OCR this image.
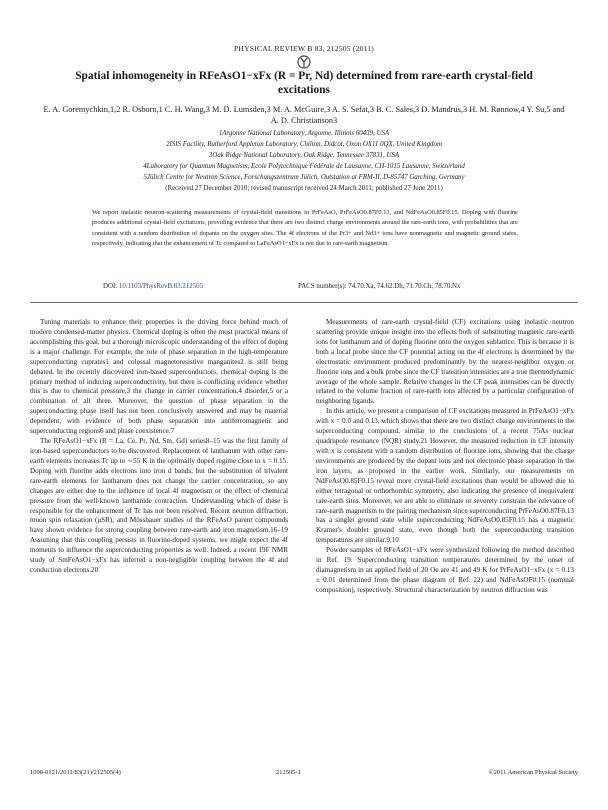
PHYSICAL REVIEW B 83, 212505 (2011)
Spatial inhomogeneity in RFeAsO1−xFx (R = Pr, Nd) determined from rare-earth crystal-field excitations
E. A. Goremychkin,1,2 R. Osborn,1 C. H. Wang,3 M. D. Lumsden,3 M. A. McGuire,3 A. S. Sefat,3 B. C. Sales,3 D. Mandrus,3 H. M. Rønnow,4 Y. Su,5 and A. D. Christianson3
1Argonne National Laboratory, Argonne, Illinois 60439, USA
2ISIS Facility, Rutherford Appleton Laboratory, Chilton, Didcot, Oxon OX11 0QX, United Kingdom
3Oak Ridge National Laboratory, Oak Ridge, Tennessee 37831, USA
4Laboratory for Quantum Magnetism, Ecole Polytechnique Fédérale de Lausanne, CH-1015 Lausanne, Switzerland
5Jülich Centre for Neutron Science, Forschungszentrum Jülich, Outstation at FRM-II, D-85747 Garching, Germany
(Received 27 December 2010; revised manuscript received 24 March 2011; published 27 June 2011)
We report inelastic neutron-scattering measurements of crystal-field transitions in PrFeAsO, PrFeAsO0.87F0.13, and NdFeAsO0.85F0.15. Doping with fluorine produces additional crystal-field excitations, providing evidence that there are two distinct charge environments around the rare-earth ions, with probabilities that are consistent with a random distribution of dopants on the oxygen sites. The 4f electrons of the Pr3+ and Nd3+ ions have nonmagnetic and magnetic ground states, respectively, indicating that the enhancement of Tc compared to LaFeAsO1−xFx is not due to rare-earth magnetism.
DOI: 10.1103/PhysRevB.83.212505	PACS number(s): 74.70.Xa, 74.62.Dh, 71.70.Ch, 78.70.Nx

Tuning materials to enhance their properties is the driving force behind much of modern condensed-matter physics. Chemical doping is often the most practical means of accomplishing this goal, but a thorough microscopic understanding of the effect of doping is a major challenge. For example, the role of phase separation in the high-temperature superconducting cuprates1 and colossal magnetoresistive manganites2 is still being debated. In the recently discovered iron-based superconductors, chemical doping is the primary method of inducing superconductivity, but there is conflicting evidence whether this is due to chemical pressure,3 the change in carrier concentration,4 disorder,5 or a combination of all three. Moreover, the question of phase separation in the superconducting phase itself has not been conclusively answered and may be material dependent, with evidence of both phase separation into antiferromagnetic and superconducting regions6 and phase coexistence.7

The RFeAsO1−xFx (R = La, Ce, Pr, Nd, Sm, Gd) series8–15 was the first family of iron-based superconductors to be discovered. Replacement of lanthanum with other rare-earth elements increases Tc up to ∼55 K in the optimally doped regime close to x = 0.15. Doping with fluorine adds electrons into iron d bands, but the substitution of trivalent rare-earth elements for lanthanum does not change the carrier concentration, so any changes are either due to the influence of local 4f magnetism or the effect of chemical pressure from the well-known lanthanide contraction. Understanding which of these is responsible for the enhancement of Tc has not been resolved. Recent neutron diffraction, muon spin relaxation (μSR), and Mössbauer studies of the RFeAsO parent compounds have shown evidence for strong coupling between rare-earth and iron magnetism.16–19 Assuming that this coupling persists in fluorine-doped systems, we might expect the 4f moments to influence the superconducting properties as well. Indeed, a recent 19F NMR study of SmFeAsO1−xFx has inferred a non-negligible coupling between the 4f and conduction electrons.20

Measurements of rare-earth crystal-field (CF) excitations using inelastic neutron scattering provide unique insight into the effects both of substituting magnetic rare-earth ions for lanthanum and of doping fluorine onto the oxygen sublattice. This is because it is both a local probe since the CF potential acting on the 4f electrons is determined by the electrostatic environment produced predominantly by the nearest-neighbor oxygen or fluorine ions and a bulk probe since the CF transition intensities are a true thermodynamic average of the whole sample. Relative changes in the CF peak intensities can be directly related to the volume fraction of rare-earth ions affected by a particular configuration of neighboring ligands.

In this article, we present a comparison of CF excitations measured in PrFeAsO1−xFx with x = 0.0 and 0.13, which shows that there are two distinct charge environments in the superconducting compound, similar to the conclusions of a recent 75As nuclear quadrupole resonance (NQR) study.21 However, the measured reduction in CF intensity with x is consistent with a random distribution of fluorine ions, showing that the charge environments are produced by the dopant ions and not electronic phase separation in the iron layers, as proposed in the earlier work. Similarly, our measurements on NdFeAsO0.85F0.15 reveal more crystal-field excitations than would be allowed due to either tetragonal or orthorhombic symmetry, also indicating the presence of inequivalent rare-earth sites. Moreover, we are able to eliminate or severely constrain the relevance of rare-earth magnetism to the pairing mechanism since superconducting PrFeAsO0.87F0.13 has a singlet ground state while superconducting NdFeAsO0.85F0.15 has a magnetic Kramer's doublet ground state, even though both the superconducting transition temperatures are similar.9,10

Powder samples of RFeAsO1−xFx were synthesized following the method described in Ref. 19. Superconducting transition temperatures determined by the onset of diamagnetism in an applied field of 20 Oe are 41 and 49 K for PrFeAsO1−xFx (x = 0.13 ± 0.01 determined from the phase diagram of Ref. 22) and NdFeAsOF0.15 (nominal composition), respectively. Structural characterization by neutron diffraction was

1098-0121/2011/83(21)/212505(4)	212505-1	©2011 American Physical Society
